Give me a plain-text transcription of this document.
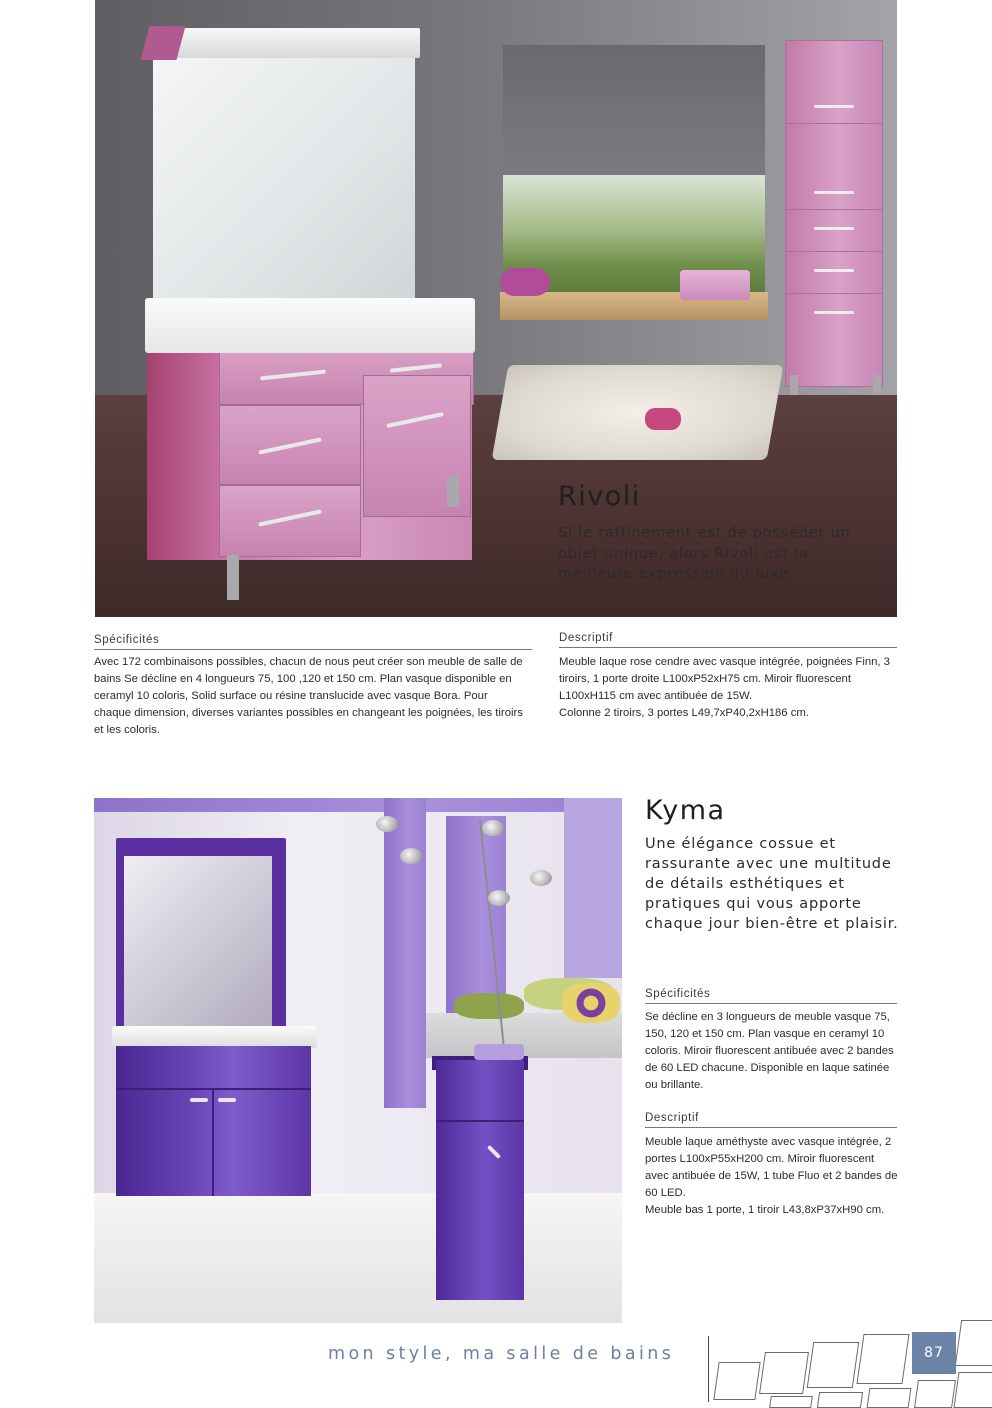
Rivoli
Si le raffinement est de posséder un objet unique, alors Rivoli est la meilleure expression du luxe.
Spécificités
Avec 172 combinaisons possibles, chacun de nous peut créer son meuble de salle de bains Se décline en 4 longueurs 75, 100 ,120 et 150 cm. Plan vasque disponible en ceramyl 10 coloris, Solid surface ou résine translucide avec vasque Bora. Pour chaque dimension, diverses variantes possibles en changeant les poignées, les tiroirs et les coloris.
Descriptif

Meuble laque rose cendre avec vasque intégrée, poignées Finn, 3 tiroirs, 1 porte droite L100xP52xH75 cm. Miroir fluorescent L100xH115 cm avec antibuée de 15W.

Colonne 2 tiroirs, 3 portes L49,7xP40,2xH186 cm.

Kyma
Une élégance cossue et rassurante avec une multitude de détails esthétiques et pratiques qui vous apporte chaque jour bien-être et plaisir.
Spécificités
Se décline en 3 longueurs de meuble vasque 75, 150, 120 et 150 cm. Plan vasque en ceramyl 10 coloris. Miroir fluorescent antibuée avec 2 bandes de 60 LED chacune. Disponible en laque satinée ou brillante.
Descriptif

Meuble laque améthyste avec vasque intégrée, 2 portes L100xP55xH200 cm. Miroir fluorescent avec antibuée de 15W, 1 tube Fluo et 2 bandes de 60 LED.

Meuble bas 1 porte, 1 tiroir L43,8xP37xH90 cm.

mon style, ma salle de bains	87
